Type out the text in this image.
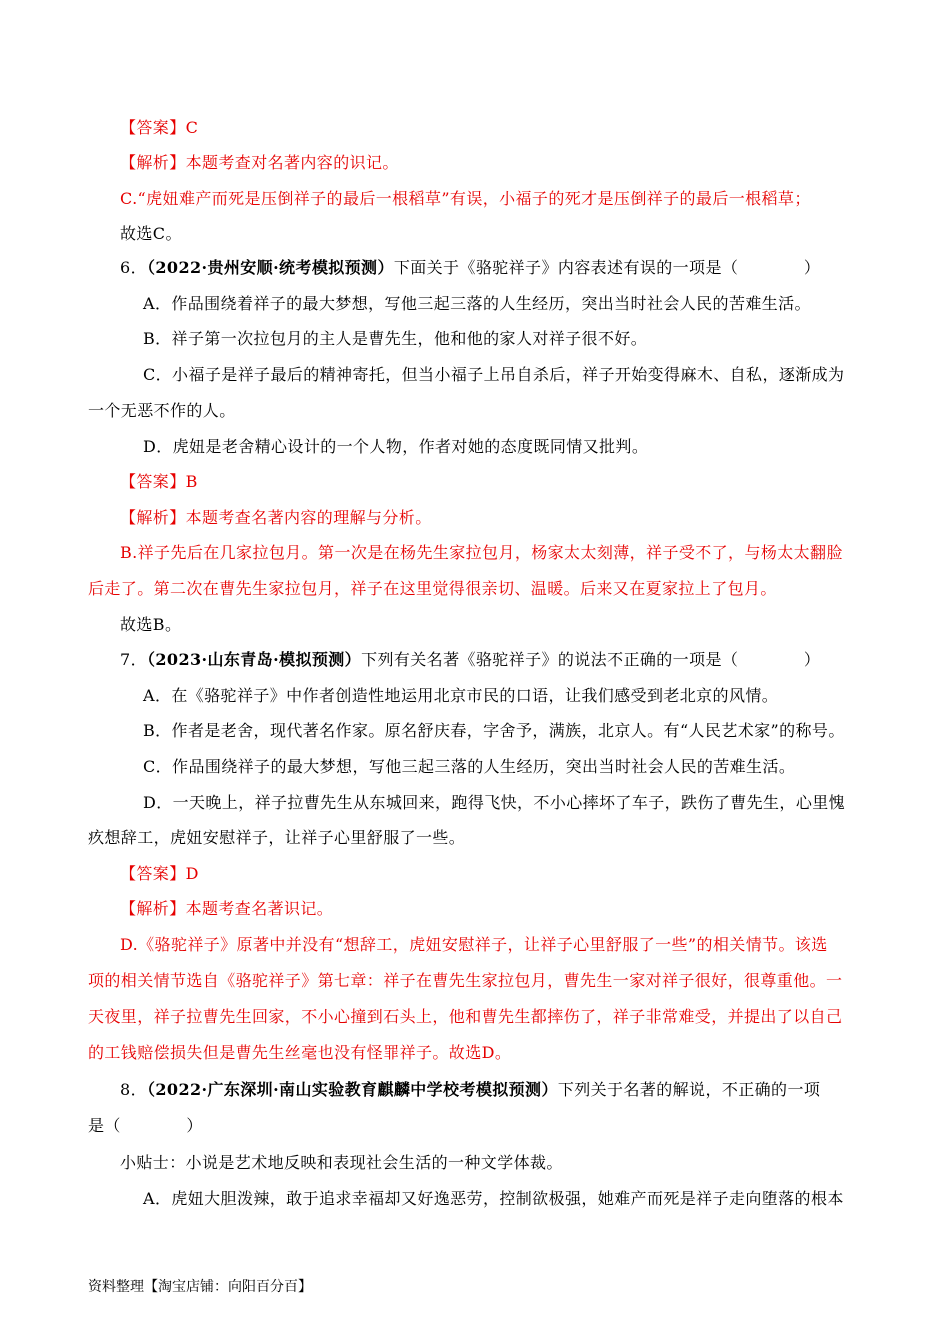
【答案】C
【解析】本题考查对名著内容的识记。
C.“虎妞难产而死是压倒祥子的最后一根稻草”有误，小福子的死才是压倒祥子的最后一根稻草；
故选C。
6．（2022·贵州安顺·统考模拟预测）下面关于《骆驼祥子》内容表述有误的一项是（　　　　）
A．作品围绕着祥子的最大梦想，写他三起三落的人生经历，突出当时社会人民的苦难生活。
B．祥子第一次拉包月的主人是曹先生，他和他的家人对祥子很不好。
C．小福子是祥子最后的精神寄托，但当小福子上吊自杀后，祥子开始变得麻木、自私，逐渐成为
一个无恶不作的人。
D．虎妞是老舍精心设计的一个人物，作者对她的态度既同情又批判。
【答案】B
【解析】本题考查名著内容的理解与分析。
B.祥子先后在几家拉包月。第一次是在杨先生家拉包月，杨家太太刻薄，祥子受不了，与杨太太翻脸
后走了。第二次在曹先生家拉包月，祥子在这里觉得很亲切、温暖。后来又在夏家拉上了包月。
故选B。
7．（2023·山东青岛·模拟预测）下列有关名著《骆驼祥子》的说法不正确的一项是（　　　　）
A．在《骆驼祥子》中作者创造性地运用北京市民的口语，让我们感受到老北京的风情。
B．作者是老舍，现代著名作家。原名舒庆春，字舍予，满族，北京人。有“人民艺术家”的称号。
C．作品围绕祥子的最大梦想，写他三起三落的人生经历，突出当时社会人民的苦难生活。
D．一天晚上，祥子拉曹先生从东城回来，跑得飞快，不小心摔坏了车子，跌伤了曹先生，心里愧
疚想辞工，虎妞安慰祥子，让祥子心里舒服了一些。
【答案】D
【解析】本题考查名著识记。
D.《骆驼祥子》原著中并没有“想辞工，虎妞安慰祥子，让祥子心里舒服了一些”的相关情节。该选
项的相关情节选自《骆驼祥子》第七章：祥子在曹先生家拉包月，曹先生一家对祥子很好，很尊重他。一
天夜里，祥子拉曹先生回家，不小心撞到石头上，他和曹先生都摔伤了，祥子非常难受，并提出了以自己
的工钱赔偿损失但是曹先生丝毫也没有怪罪祥子。故选D。
8．（2022·广东深圳·南山实验教育麒麟中学校考模拟预测）下列关于名著的解说，不正确的一项
是（　　　　）
小贴士：小说是艺术地反映和表现社会生活的一种文学体裁。
A．虎妞大胆泼辣，敢于追求幸福却又好逸恶劳，控制欲极强，她难产而死是祥子走向堕落的根本
资料整理【淘宝店铺：向阳百分百】
